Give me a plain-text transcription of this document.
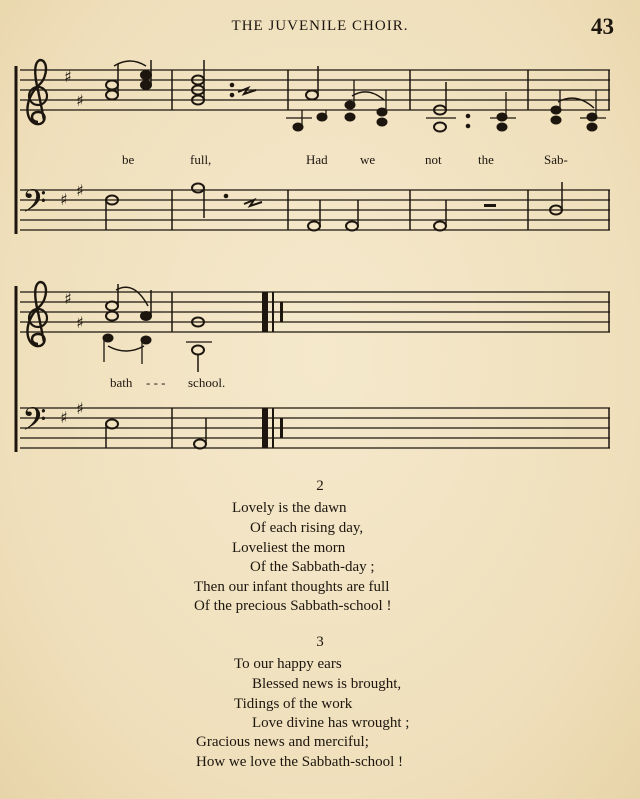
THE JUVENILE CHOIR.	43
♯
♯
𝄢 ♯ ♯
♯
♯
𝄢 ♯ ♯
be	full,	Had we	not	the	Sab-
bath - - - school.
2
Lovely is the dawn
Of each rising day,
Loveliest the morn
Of the Sabbath-day ;
Then our infant thoughts are full
Of the precious Sabbath-school !
3
To our happy ears
Blessed news is brought,
Tidings of the work
Love divine has wrought ;
Gracious news and merciful;
How we love the Sabbath-school !
